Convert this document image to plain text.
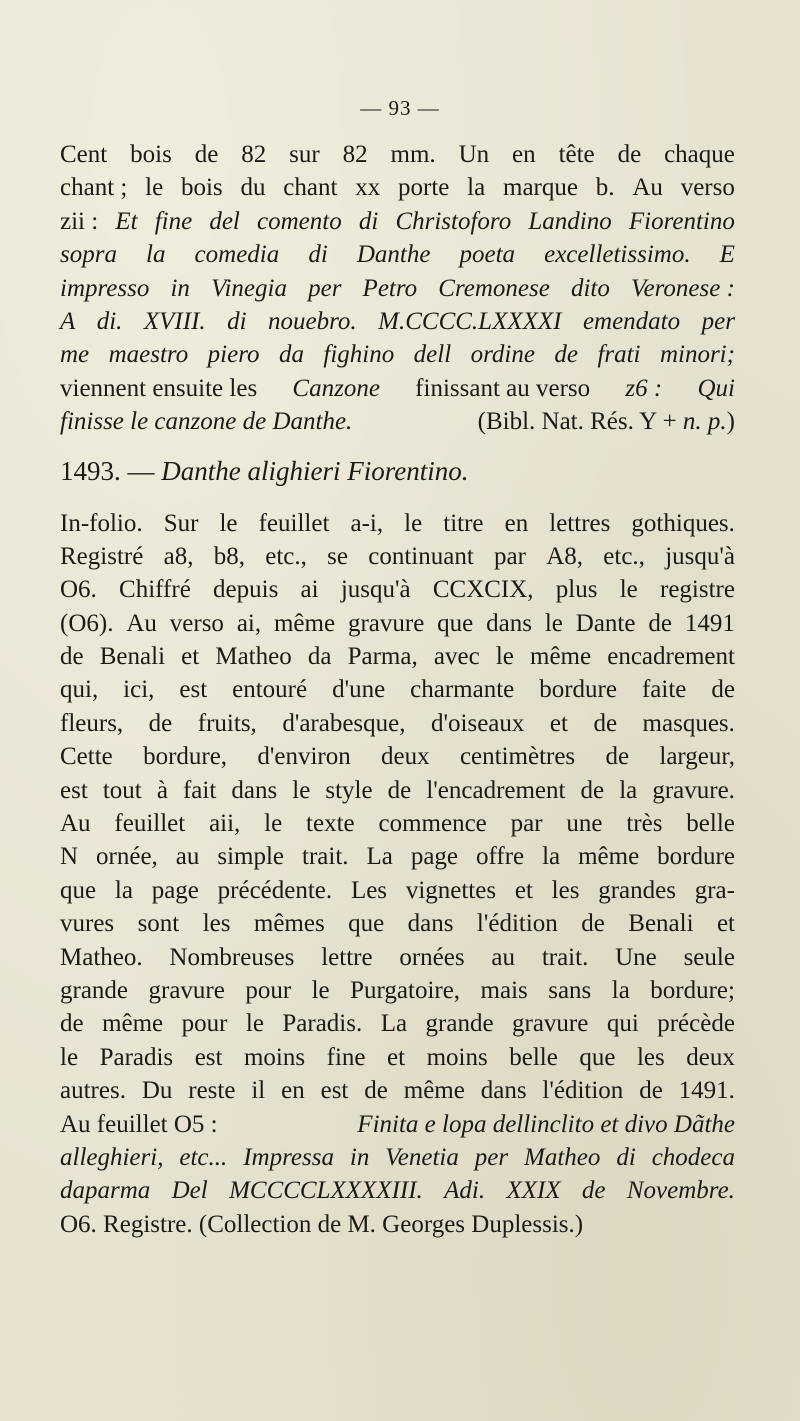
— 93 —
Cent bois de 82 sur 82 mm. Un en tête de chaque
chant ; le bois du chant xx porte la marque b. Au verso
zii : Et fine del comento di Christoforo Landino Fiorentino
sopra la comedia di Danthe poeta excelletissimo. E
impresso in Vinegia per Petro Cremonese dito Veronese :
A di. XVIII. di nouebro. M.CCCC.LXXXXI emendato per
me maestro piero da fighino dell ordine de frati minori;
viennent ensuite les Canzone finissant au verso z6 : Qui
finisse le canzone de Danthe.	(Bibl. Nat. Rés. Y + n. p.)
1493.
—
Danthe alighieri Fiorentino.
In-folio. Sur le feuillet a-i, le titre en lettres gothiques.
Registré a8, b8, etc., se continuant par A8, etc., jusqu'à
O6. Chiffré depuis ai jusqu'à CCXCIX, plus le registre
(O6). Au verso ai, même gravure que dans le Dante de 1491
de Benali et Matheo da Parma, avec le même encadrement
qui, ici, est entouré d'une charmante bordure faite de
fleurs, de fruits, d'arabesque, d'oiseaux et de masques.
Cette bordure, d'environ deux centimètres de largeur,
est tout à fait dans le style de l'encadrement de la gravure.
Au feuillet aii, le texte commence par une très belle
N ornée, au simple trait. La page offre la même bordure
que la page précédente. Les vignettes et les grandes gra-
vures sont les mêmes que dans l'édition de Benali et
Matheo. Nombreuses lettre ornées au trait. Une seule
grande gravure pour le Purgatoire, mais sans la bordure;
de même pour le Paradis. La grande gravure qui précède
le Paradis est moins fine et moins belle que les deux
autres. Du reste il en est de même dans l'édition de 1491.
Au feuillet O5 :	Finita e lopa dellinclito et divo Dãthe
alleghieri, etc... Impressa in Venetia per Matheo di chodeca
daparma Del MCCCCLXXXXIII. Adi. XXIX de Novembre.
O6. Registre. (Collection de M. Georges Duplessis.)
